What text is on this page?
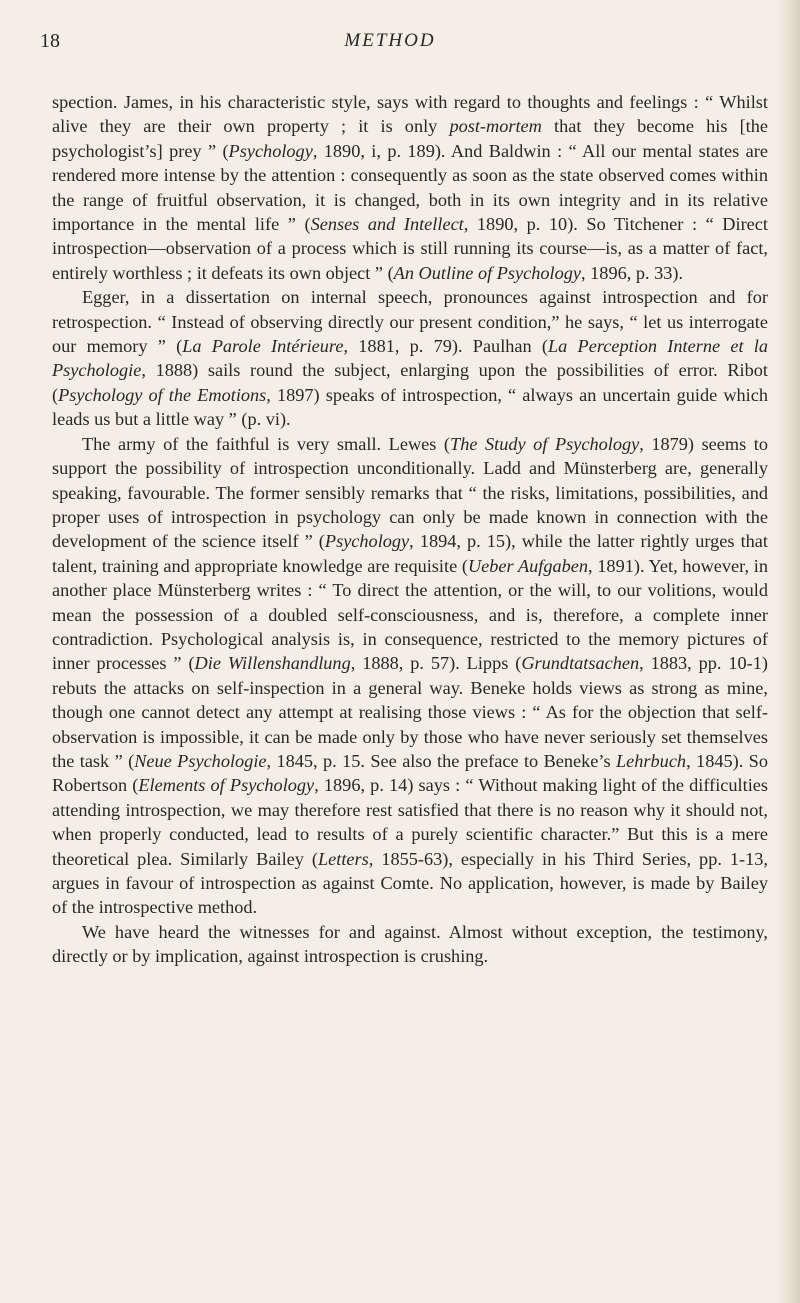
18	METHOD

spection. James, in his characteristic style, says with regard to thoughts and feelings : “ Whilst alive they are their own property ; it is only post-mortem that they become his [the psychologist’s] prey ” (Psychology, 1890, i, p. 189). And Baldwin : “ All our mental states are rendered more intense by the attention : consequently as soon as the state observed comes within the range of fruitful observation, it is changed, both in its own integrity and in its relative importance in the mental life ” (Senses and Intellect, 1890, p. 10). So Titchener : “ Direct introspection—observation of a process which is still running its course—is, as a matter of fact, entirely worthless ; it defeats its own object ” (An Outline of Psychology, 1896, p. 33).

Egger, in a dissertation on internal speech, pronounces against introspection and for retrospection. “ Instead of observing directly our present condition,” he says, “ let us interrogate our memory ” (La Parole Intérieure, 1881, p. 79). Paulhan (La Perception Interne et la Psychologie, 1888) sails round the subject, enlarging upon the possibilities of error. Ribot (Psychology of the Emotions, 1897) speaks of introspection, “ always an uncertain guide which leads us but a little way ” (p. vi).

The army of the faithful is very small. Lewes (The Study of Psychology, 1879) seems to support the possibility of introspection unconditionally. Ladd and Münsterberg are, generally speaking, favourable. The former sensibly remarks that “ the risks, limitations, possibilities, and proper uses of introspection in psychology can only be made known in connection with the development of the science itself ” (Psychology, 1894, p. 15), while the latter rightly urges that talent, training and appropriate knowledge are requisite (Ueber Aufgaben, 1891). Yet, however, in another place Münsterberg writes : “ To direct the attention, or the will, to our volitions, would mean the possession of a doubled self-consciousness, and is, therefore, a complete inner contradiction. Psychological analysis is, in consequence, restricted to the memory pictures of inner processes ” (Die Willenshandlung, 1888, p. 57). Lipps (Grundtatsachen, 1883, pp. 10-1) rebuts the attacks on self-inspection in a general way. Beneke holds views as strong as mine, though one cannot detect any attempt at realising those views : “ As for the objection that self-observation is impossible, it can be made only by those who have never seriously set themselves the task ” (Neue Psychologie, 1845, p. 15. See also the preface to Beneke’s Lehrbuch, 1845). So Robertson (Elements of Psychology, 1896, p. 14) says : “ Without making light of the difficulties attending introspection, we may therefore rest satisfied that there is no reason why it should not, when properly conducted, lead to results of a purely scientific character.” But this is a mere theoretical plea. Similarly Bailey (Letters, 1855-63), especially in his Third Series, pp. 1-13, argues in favour of introspection as against Comte. No application, however, is made by Bailey of the introspective method.

We have heard the witnesses for and against. Almost without exception, the testimony, directly or by implication, against introspection is crushing.
